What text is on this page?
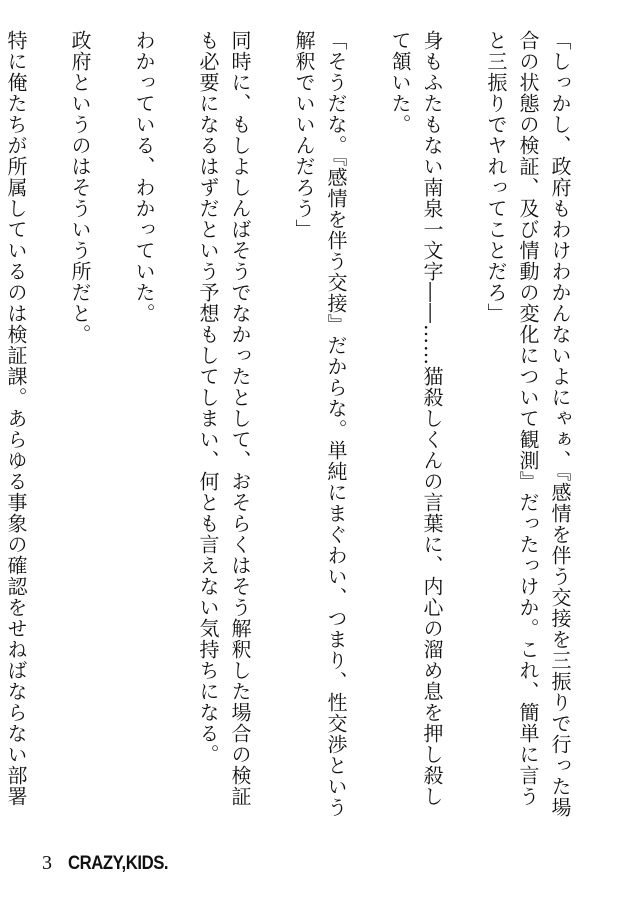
「しっかし、政府もわけわかんないよにゃぁ、『感情を伴う交接を三振りで行った場合の状態の検証、及び情動の変化について観測』だったっけか。これ、簡単に言うと三振りでヤれってことだろ」

身もふたもない南泉一文字――……猫殺しくんの言葉に、内心の溜め息を押し殺して頷いた。

「そうだな。『感情を伴う交接』だからな。単純にまぐわい、つまり、性交渉という解釈でいいんだろう」

同時に、もしよしんばそうでなかったとして、おそらくはそう解釈した場合の検証も必要になるはずだという予想もしてしまい、何とも言えない気持ちになる。

わかっている、わかっていた。

政府というのはそういう所だと。

特に俺たちが所属しているのは検証課。あらゆる事象の確認をせねばならない部署

3 CRAZY,KIDS.
